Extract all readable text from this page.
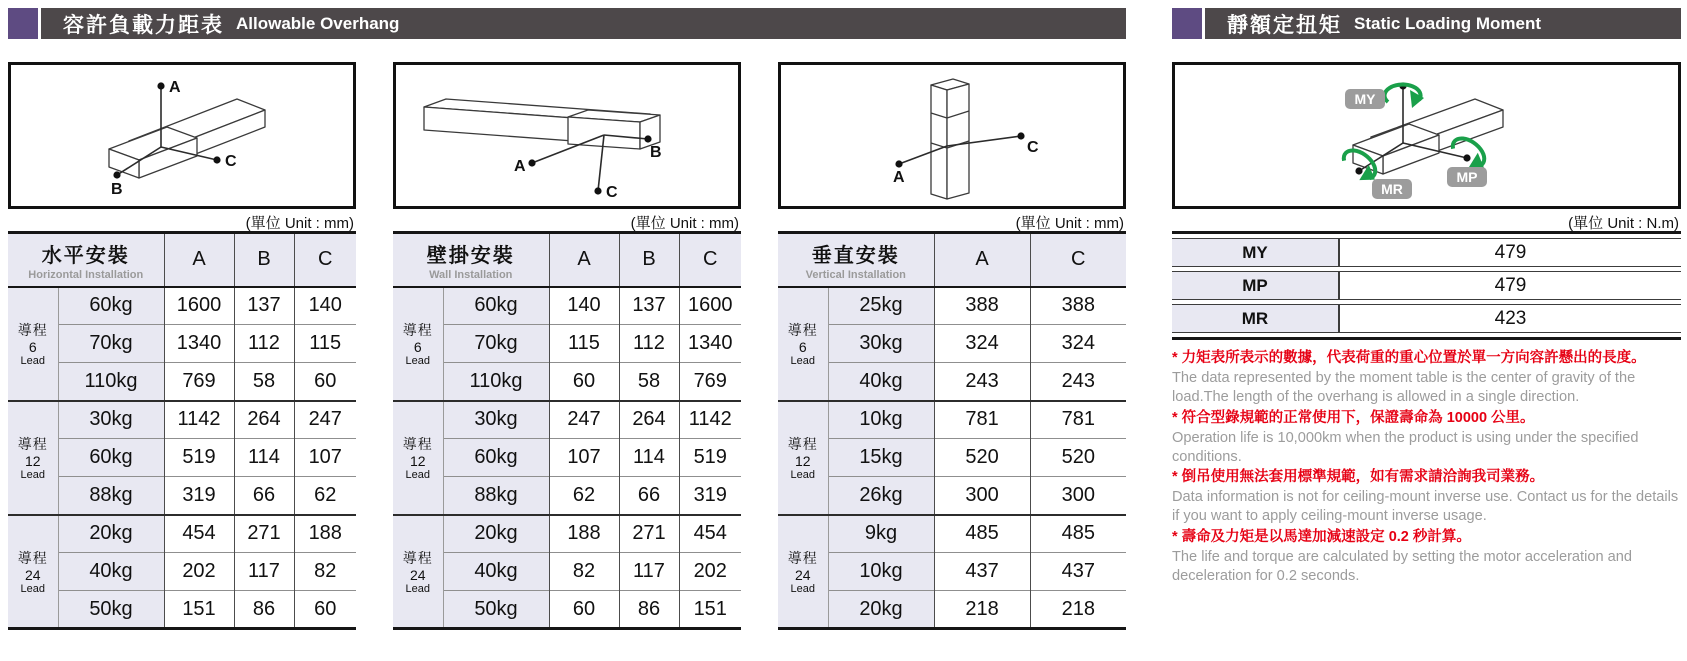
容許負載力距表 Allowable Overhang
A
C
B
(單位 Unit : mm)
水平安裝
Horizontal Installation		A	B	C

導程
6
Lead	60kg	1600	137	140
	70kg	1340	112	115
	110kg	769	58	60

導程
12
Lead	30kg	1142	264	247
	60kg	519	114	107
	88kg	319	66	62

導程
24
Lead	20kg	454	271	188
	40kg	202	117	82
	50kg	151	86	60
A
C
B
(單位 Unit : mm)
壁掛安裝
Wall Installation		A	B	C

導程
6
Lead	60kg	140	137	1600
	70kg	115	112	1340
	110kg	60	58	769

導程
12
Lead	30kg	247	264	1142
	60kg	107	114	519
	88kg	62	66	319

導程
24
Lead	20kg	188	271	454
	40kg	82	117	202
	50kg	60	86	151
A
C
(單位 Unit : mm)
垂直安裝
Vertical Installation		A	C

導程
6
Lead	25kg	388	388
	30kg	324	324
	40kg	243	243

導程
12
Lead	10kg	781	781
	15kg	520	520
	26kg	300	300

導程
24
Lead	9kg	485	485
	10kg	437	437
	20kg	218	218
靜額定扭矩 Static Loading Moment
MY
MP
MR
(單位 Unit : N.m)
MY	479
MP	479
MR	423
* 力矩表所表示的數據，代表荷重的重心位置於單一方向容許懸出的長度。
The data represented by the moment table is the center of gravity of the load.The length of the overhang is allowed in a single direction.
* 符合型錄規範的正常使用下，保證壽命為 10000 公里。
Operation life is 10,000km when the product is using under the specified conditions.
* 倒吊使用無法套用標準規範，如有需求請洽詢我司業務。
Data information is not for ceiling-mount inverse use. Contact us for the details if you want to apply ceiling-mount inverse usage.
* 壽命及力矩是以馬達加減速設定 0.2 秒計算。
The life and torque are calculated by setting the motor acceleration and deceleration for 0.2 seconds.
